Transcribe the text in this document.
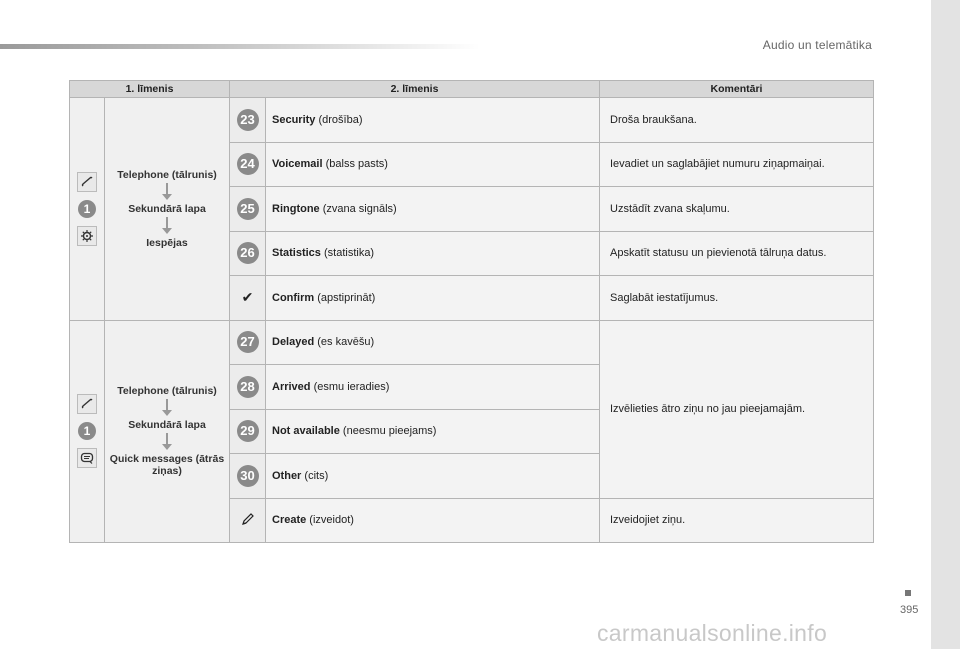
Audio un telemātika
1. līmenis		2. līmenis		Komentāri

1	Telephone (tālrunis)
Sekundārā lapa
Iespējas	23	Security (drošība)	Droša braukšana.
		24	Voicemail (balss pasts)	Ievadiet un saglabājiet numuru ziņapmaiņai.
		25	Ringtone (zvana signāls)	Uzstādīt zvana skaļumu.
		26	Statistics (statistika)	Apskatīt statusu un pievienotā tālruņa datus.
		✔	Confirm (apstiprināt)	Saglabāt iestatījumus.

1	Telephone (tālrunis)
Sekundārā lapa
Quick messages (ātrās ziņas)	27	Delayed (es kavēšu)	Izvēlieties ātro ziņu no jau pieejamajām.
		28	Arrived (esmu ieradies)	
		29	Not available (neesmu pieejams)	
		30	Other (cits)	
	Create (izveidot)	Izveidojiet ziņu.
395
carmanualsonline.info
